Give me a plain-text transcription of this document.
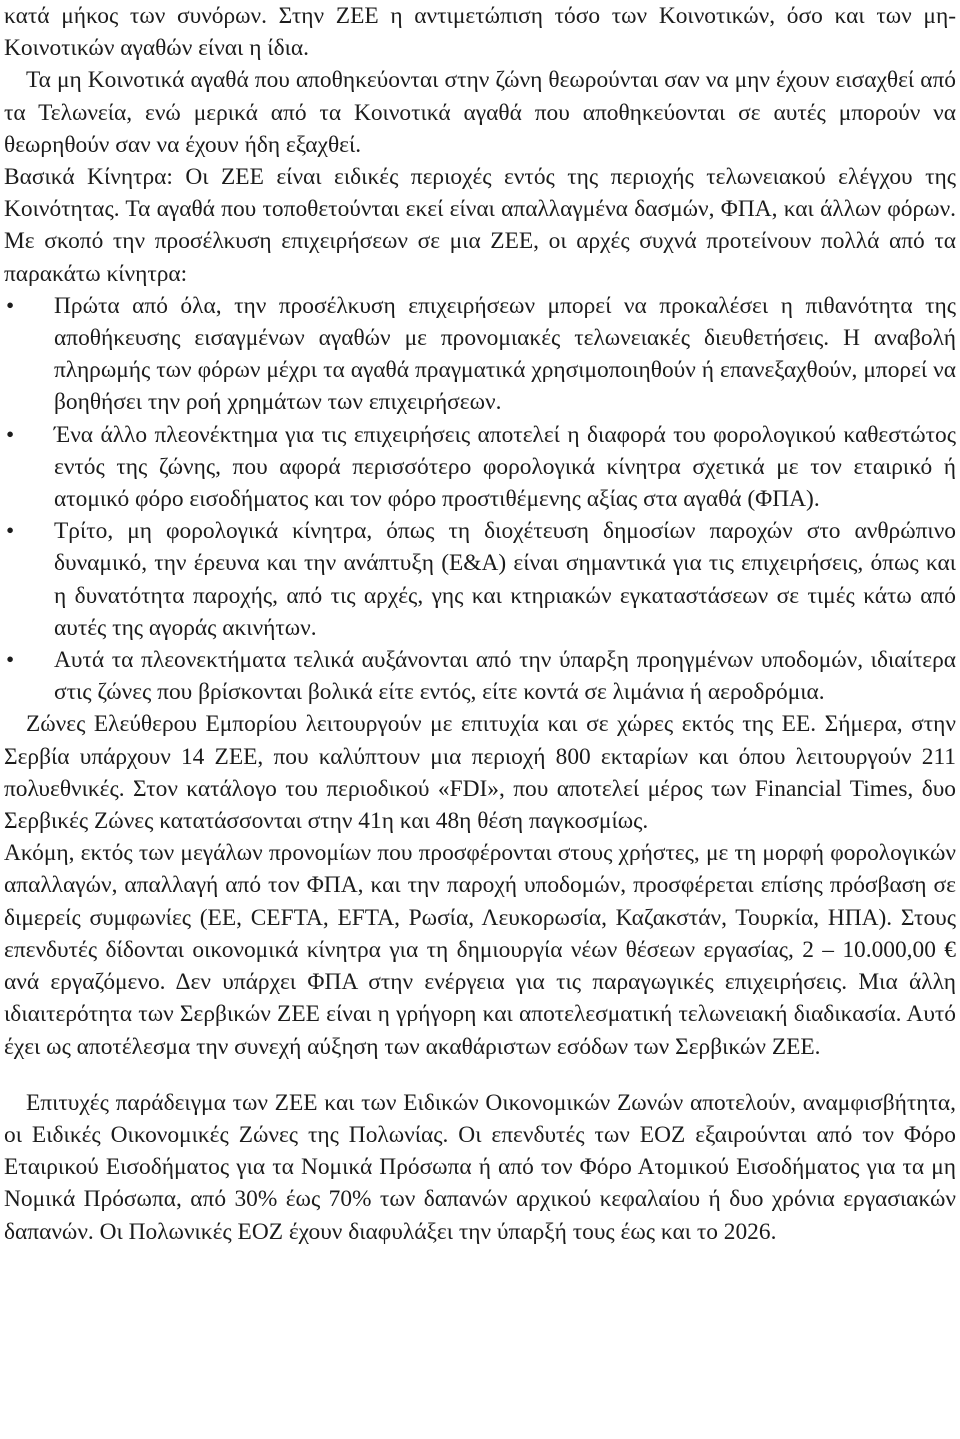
κατά μήκος των συνόρων. Στην ΖΕΕ η αντιμετώπιση τόσο των Κοινοτικών, όσο και των μη-Κοινοτικών αγαθών είναι η ίδια.

Τα μη Κοινοτικά αγαθά που αποθηκεύονται στην ζώνη θεωρούνται σαν να μην έχουν εισαχθεί από τα Τελωνεία, ενώ μερικά από τα Κοινοτικά αγαθά που αποθηκεύονται σε αυτές μπορούν να θεωρηθούν σαν να έχουν ήδη εξαχθεί.

Βασικά Κίνητρα: Οι ΖΕΕ είναι ειδικές περιοχές εντός της περιοχής τελωνειακού ελέγχου της Κοινότητας. Τα αγαθά που τοποθετούνται εκεί είναι απαλλαγμένα δασμών, ΦΠΑ, και άλλων φόρων. Με σκοπό την προσέλκυση επιχειρήσεων σε μια ΖΕΕ, οι αρχές συχνά προτείνουν πολλά από τα παρακάτω κίνητρα:

•	Πρώτα από όλα, την προσέλκυση επιχειρήσεων μπορεί να προκαλέσει η πιθανότητα της αποθήκευσης εισαγμένων αγαθών με προνομιακές τελωνειακές διευθετήσεις. Η αναβολή πληρωμής των φόρων μέχρι τα αγαθά πραγματικά χρησιμοποιηθούν ή επανεξαχθούν, μπορεί να βοηθήσει την ροή χρημάτων των επιχειρήσεων.
•	Ένα άλλο πλεονέκτημα για τις επιχειρήσεις αποτελεί η διαφορά του φορολογικού καθεστώτος εντός της ζώνης, που αφορά περισσότερο φορολογικά κίνητρα σχετικά με τον εταιρικό ή ατομικό φόρο εισοδήματος και τον φόρο προστιθέμενης αξίας στα αγαθά (ΦΠΑ).
•	Τρίτο, μη φορολογικά κίνητρα, όπως τη διοχέτευση δημοσίων παροχών στο ανθρώπινο δυναμικό, την έρευνα και την ανάπτυξη (Ε&Α) είναι σημαντικά για τις επιχειρήσεις, όπως και η δυνατότητα παροχής, από τις αρχές, γης και κτηριακών εγκαταστάσεων σε τιμές κάτω από αυτές της αγοράς ακινήτων.
•	Αυτά τα πλεονεκτήματα τελικά αυξάνονται από την ύπαρξη προηγμένων υποδομών, ιδιαίτερα στις ζώνες που βρίσκονται βολικά είτε εντός, είτε κοντά σε λιμάνια ή αεροδρόμια.

Ζώνες Ελεύθερου Εμπορίου λειτουργούν με επιτυχία και σε χώρες εκτός της ΕΕ. Σήμερα, στην Σερβία υπάρχουν 14 ΖΕΕ, που καλύπτουν μια περιοχή 800 εκταρίων και όπου λειτουργούν 211 πολυεθνικές. Στον κατάλογο του περιοδικού «FDI», που αποτελεί μέρος των Financial Times, δυο Σερβικές Ζώνες κατατάσσονται στην 41η και 48η θέση παγκοσμίως.

Ακόμη, εκτός των μεγάλων προνομίων που προσφέρονται στους χρήστες, με τη μορφή φορολογικών απαλλαγών, απαλλαγή από τον ΦΠΑ, και την παροχή υποδομών, προσφέρεται επίσης πρόσβαση σε διμερείς συμφωνίες (ΕΕ, CEFTA, EFTA, Ρωσία, Λευκορωσία, Καζακστάν, Τουρκία, ΗΠΑ). Στους επενδυτές δίδονται οικονομικά κίνητρα για τη δημιουργία νέων θέσεων εργασίας, 2 – 10.000,00 € ανά εργαζόμενο. Δεν υπάρχει ΦΠΑ στην ενέργεια για τις παραγωγικές επιχειρήσεις. Μια άλλη ιδιαιτερότητα των Σερβικών ΖΕΕ είναι η γρήγορη και αποτελεσματική τελωνειακή διαδικασία. Αυτό έχει ως αποτέλεσμα την συνεχή αύξηση των ακαθάριστων εσόδων των Σερβικών ΖΕΕ.

Επιτυχές παράδειγμα των ΖΕΕ και των Ειδικών Οικονομικών Ζωνών αποτελούν, αναμφισβήτητα, οι Ειδικές Οικονομικές Ζώνες της Πολωνίας. Οι επενδυτές των ΕΟΖ εξαιρούνται από τον Φόρο Εταιρικού Εισοδήματος για τα Νομικά Πρόσωπα ή από τον Φόρο Ατομικού Εισοδήματος για τα μη Νομικά Πρόσωπα, από 30% έως 70% των δαπανών αρχικού κεφαλαίου ή δυο χρόνια εργασιακών δαπανών. Οι Πολωνικές ΕΟΖ έχουν διαφυλάξει την ύπαρξή τους έως και το 2026.
